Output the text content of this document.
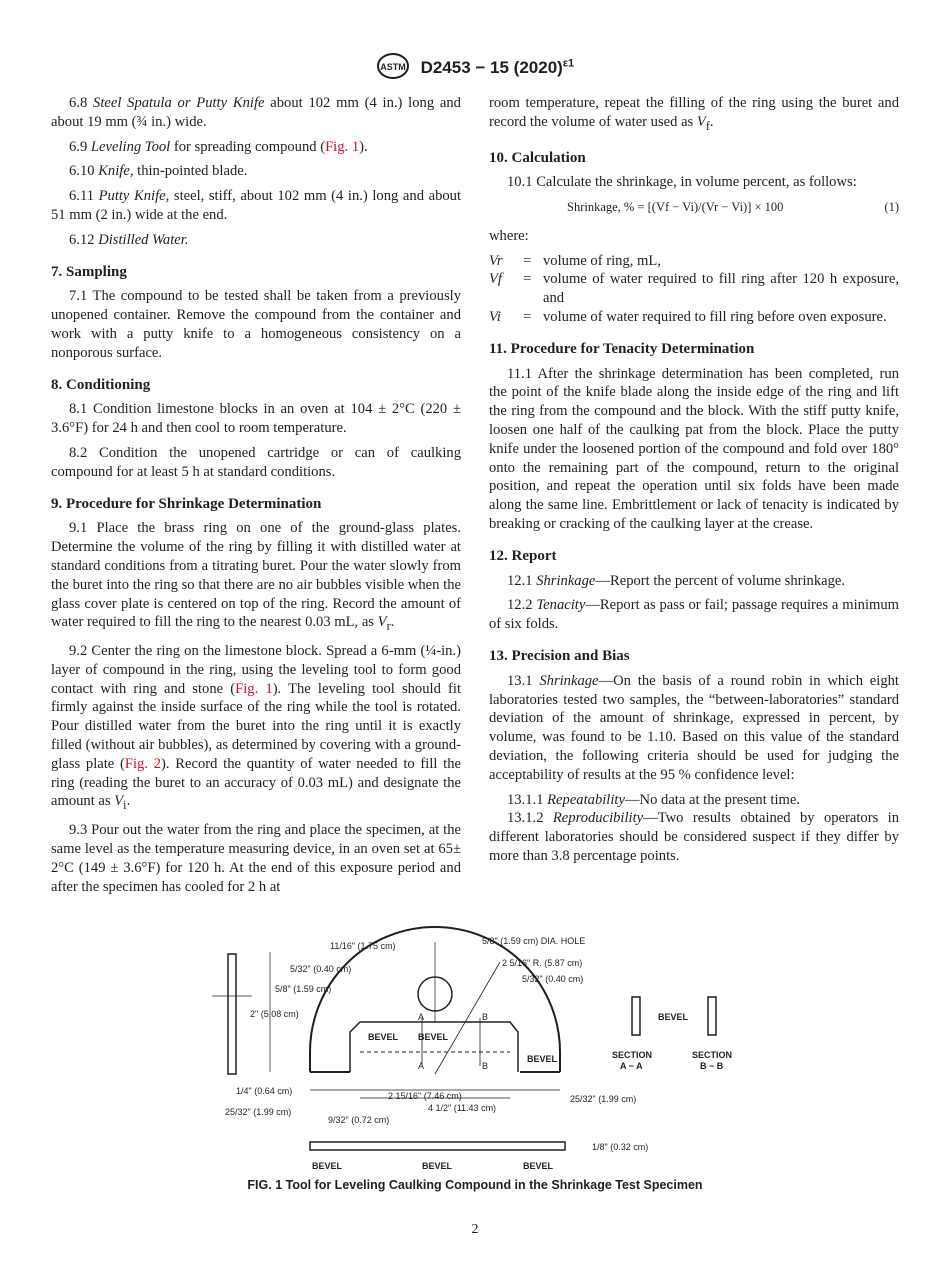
ASTM D2453 − 15 $(2020)^{\varepsilon 1}$

6.8 Steel Spatula or Putty Knife about 102 mm (4 in.) long and about 19 mm (¾ in.) wide.

6.9 Leveling Tool for spreading compound (Fig. 1).

6.10 Knife, thin-pointed blade.

6.11 Putty Knife, steel, stiff, about 102 mm (4 in.) long and about 51 mm (2 in.) wide at the end.

6.12 Distilled Water.

7. Sampling

7.1 The compound to be tested shall be taken from a previously unopened container. Remove the compound from the container and work with a putty knife to a homogeneous consistency on a nonporous surface.

8. Conditioning

8.1 Condition limestone blocks in an oven at 104 ± 2°C (220 ± 3.6°F) for 24 h and then cool to room temperature.

8.2 Condition the unopened cartridge or can of caulking compound for at least 5 h at standard conditions.

9. Procedure for Shrinkage Determination

9.1 Place the brass ring on one of the ground-glass plates. Determine the volume of the ring by filling it with distilled water at standard conditions from a titrating buret. Pour the water slowly from the buret into the ring so that there are no air bubbles visible when the glass cover plate is centered on top of the ring. Record the amount of water required to fill the ring to the nearest 0.03 mL, as $V_r$.

9.2 Center the ring on the limestone block. Spread a 6-mm (¼-in.) layer of compound in the ring, using the leveling tool to form good contact with ring and stone (Fig. 1). The leveling tool should fit firmly against the inside surface of the ring while the tool is rotated. Pour distilled water from the buret into the ring until it is exactly filled (without air bubbles), as determined by covering with a ground-glass plate (Fig. 2). Record the quantity of water needed to fill the ring (reading the buret to an accuracy of 0.03 mL) and designate the amount as $V_i$.

9.3 Pour out the water from the ring and place the specimen, at the same level as the temperature measuring device, in an oven set at 65± 2°C (149 ± 3.6°F) for 120 h. At the end of this exposure period and after the specimen has cooled for 2 h at

room temperature, repeat the filling of the ring using the buret and record the volume of water used as $V_f$.

10. Calculation

10.1 Calculate the shrinkage, in volume percent, as follows:

Shrinkage, % = [(Vf − Vi)/(Vr − Vi)] × 100	(1)

where:

Vr	=	volume of ring, mL,
Vf	=	volume of water required to fill ring after 120 h exposure, and
Vi	=	volume of water required to fill ring before oven exposure.
11. Procedure for Tenacity Determination

11.1 After the shrinkage determination has been completed, run the point of the knife blade along the inside edge of the ring and lift the ring from the compound and the block. With the stiff putty knife, loosen one half of the caulking pat from the block. Place the putty knife under the loosened portion of the compound and fold over 180° onto the remaining part of the compound, return to the original position, and repeat the operation until six folds have been made along the same line. Embrittlement or lack of tenacity is indicated by breaking or cracking of the caulking layer at the crease.

12. Report

12.1 Shrinkage—Report the percent of volume shrinkage.

12.2 Tenacity—Report as pass or fail; passage requires a minimum of six folds.

13. Precision and Bias

13.1 Shrinkage—On the basis of a round robin in which eight laboratories tested two samples, the “between-laboratories” standard deviation of the amount of shrinkage, expressed in percent, by volume, was found to be 1.10. Based on this value of the standard deviation, the following criteria should be used for judging the acceptability of results at the 95 % confidence level:

13.1.1 Repeatability—No data at the present time.

13.1.2 Reproducibility—Two results obtained by operators in different laboratories should be considered suspect if they differ by more than 3.8 percentage points.

11/16" (1.75 cm)	5/8" (1.59 cm) DIA. HOLE
2 5/16" R. (5.87 cm)
5/32" (0.40 cm)
5/32" (0.40 cm)
5/8" (1.59 cm)
2" (5.08 cm)
1/4" (0.64 cm)
25/32" (1.99 cm)
9/32" (0.72 cm)
2 15/16" (7.46 cm)
4 1/2" (11.43 cm)
25/32" (1.99 cm)
1/8" (0.32 cm)
BEVEL BEVEL
BEVEL
BEVEL
BEVEL	BEVEL	BEVEL
A
A
B
B
SECTION
A − A
SECTION
B − B
FIG. 1 Tool for Leveling Caulking Compound in the Shrinkage Test Specimen
2
